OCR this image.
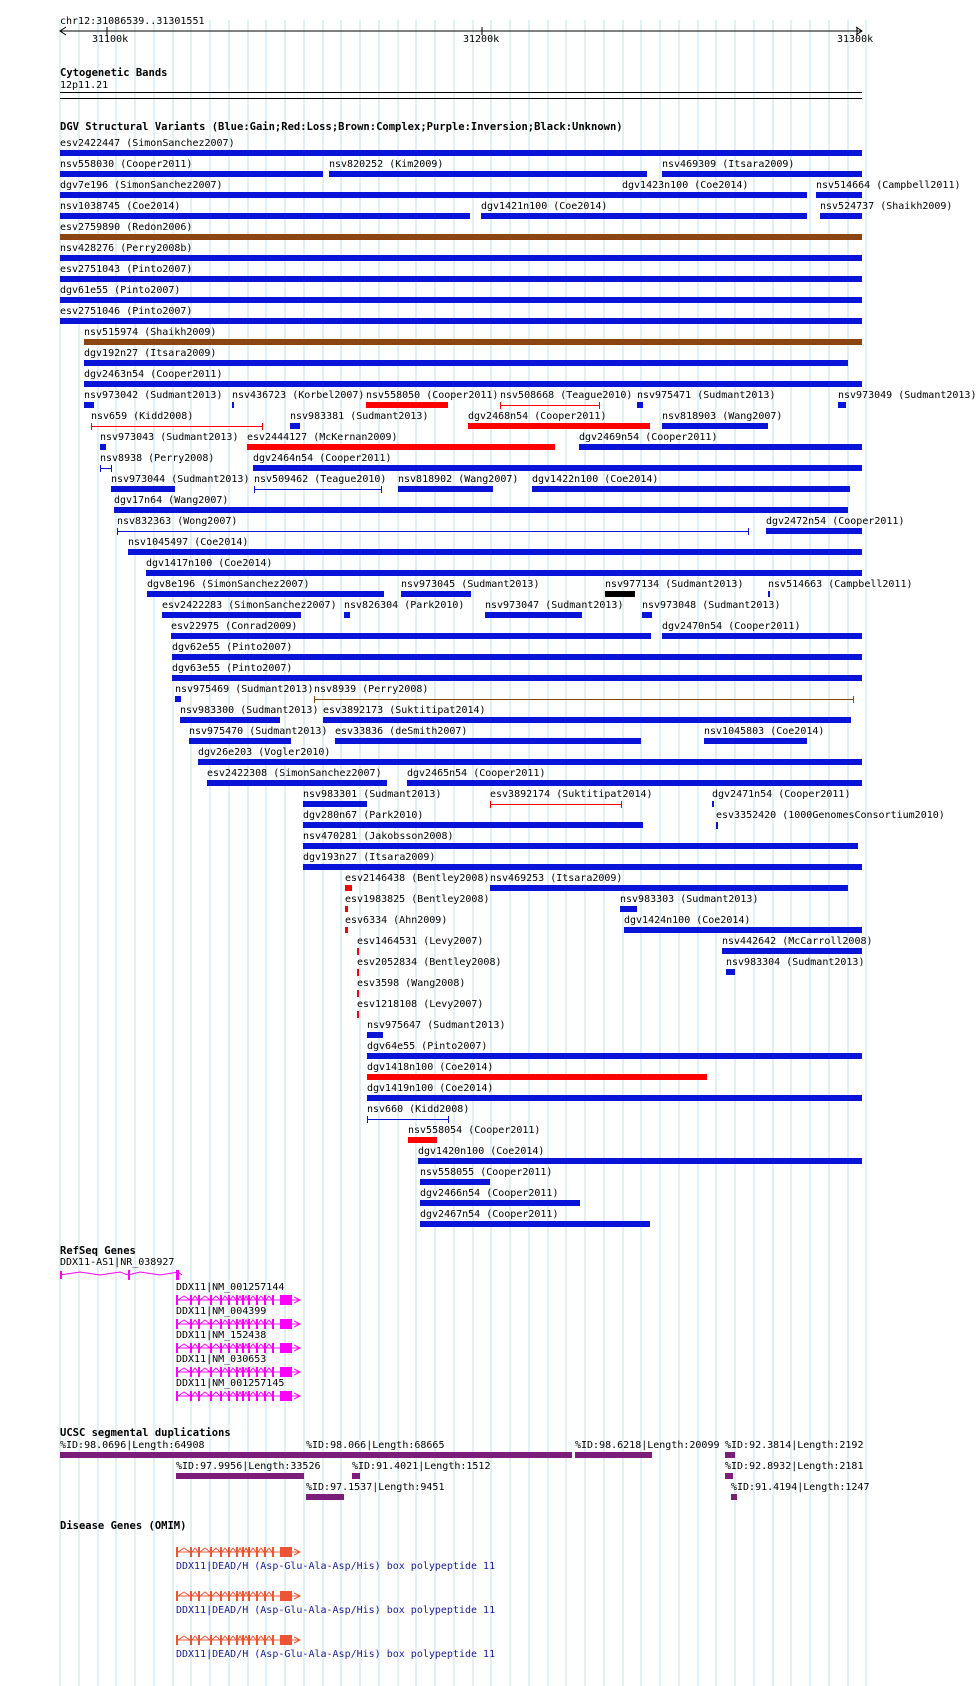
chr12:31086539..31301551
31100k	31200k	31300k
Cytogenetic Bands
12p11.21
DGV Structural Variants (Blue:Gain;Red:Loss;Brown:Complex;Purple:Inversion;Black:Unknown)
esv2422447 (SimonSanchez2007)
nsv558030 (Cooper2011)	nsv820252 (Kim2009)	nsv469309 (Itsara2009)
dgv7e196 (SimonSanchez2007)	dgv1423n100 (Coe2014)	nsv514664 (Campbell2011)
nsv1038745 (Coe2014)	dgv1421n100 (Coe2014)	nsv524737 (Shaikh2009)
esv2759890 (Redon2006)
nsv428276 (Perry2008b)
esv2751043 (Pinto2007)
dgv61e55 (Pinto2007)
esv2751046 (Pinto2007)
nsv515974 (Shaikh2009)
dgv192n27 (Itsara2009)
dgv2463n54 (Cooper2011)
nsv973042 (Sudmant2013) nsv436723 (Korbel2007) nsv558050 (Cooper2011) nsv508668 (Teague2010) nsv975471 (Sudmant2013)	nsv973049 (Sudmant2013)
nsv659 (Kidd2008)	nsv983381 (Sudmant2013)	dgv2468n54 (Cooper2011)	nsv818903 (Wang2007)
nsv973043 (Sudmant2013) esv2444127 (McKernan2009)	dgv2469n54 (Cooper2011)
nsv8938 (Perry2008)	dgv2464n54 (Cooper2011)
nsv973044 (Sudmant2013) nsv509462 (Teague2010) nsv818902 (Wang2007) dgv1422n100 (Coe2014)
dgv17n64 (Wang2007)
nsv832363 (Wong2007)	dgv2472n54 (Cooper2011)
nsv1045497 (Coe2014)
dgv1417n100 (Coe2014)
dgv8e196 (SimonSanchez2007)	nsv973045 (Sudmant2013)	nsv977134 (Sudmant2013) nsv514663 (Campbell2011)
esv2422283 (SimonSanchez2007) nsv826304 (Park2010) nsv973047 (Sudmant2013) nsv973048 (Sudmant2013)
esv22975 (Conrad2009)	dgv2470n54 (Cooper2011)
dgv62e55 (Pinto2007)
dgv63e55 (Pinto2007)
nsv975469 (Sudmant2013) nsv8939 (Perry2008)
nsv983300 (Sudmant2013) esv3892173 (Suktitipat2014)
nsv975470 (Sudmant2013) esv33836 (deSmith2007)	nsv1045803 (Coe2014)
dgv26e203 (Vogler2010)
esv2422308 (SimonSanchez2007)	dgv2465n54 (Cooper2011)
nsv983301 (Sudmant2013)	esv3892174 (Suktitipat2014)	dgv2471n54 (Cooper2011)
dgv280n67 (Park2010)	esv3352420 (1000GenomesConsortium2010)
nsv470281 (Jakobsson2008)
dgv193n27 (Itsara2009)
esv2146438 (Bentley2008) nsv469253 (Itsara2009)
esv1983825 (Bentley2008)	nsv983303 (Sudmant2013)
esv6334 (Ahn2009)	dgv1424n100 (Coe2014)
esv1464531 (Levy2007)	nsv442642 (McCarroll2008)
esv2052834 (Bentley2008)	nsv983304 (Sudmant2013)
esv3598 (Wang2008)
esv1218108 (Levy2007)
nsv975647 (Sudmant2013)
dgv64e55 (Pinto2007)
dgv1418n100 (Coe2014)
dgv1419n100 (Coe2014)
nsv660 (Kidd2008)
nsv558054 (Cooper2011)
dgv1420n100 (Coe2014)
nsv558055 (Cooper2011)
dgv2466n54 (Cooper2011)
dgv2467n54 (Cooper2011)
RefSeq Genes
DDX11-AS1|NR_038927
DDX11|NM_001257144
DDX11|NM_004399
DDX11|NM_152438
DDX11|NM_030653
DDX11|NM_001257145
UCSC segmental duplications
%ID:98.0696|Length:64908	%ID:98.066|Length:68665	%ID:98.6218|Length:20099 %ID:92.3814|Length:2192
%ID:97.9956|Length:33526	%ID:91.4021|Length:1512	%ID:92.8932|Length:2181
%ID:97.1537|Length:9451	%ID:91.4194|Length:1247
Disease Genes (OMIM)
DDX11|DEAD/H (Asp-Glu-Ala-Asp/His) box polypeptide 11
DDX11|DEAD/H (Asp-Glu-Ala-Asp/His) box polypeptide 11
DDX11|DEAD/H (Asp-Glu-Ala-Asp/His) box polypeptide 11
